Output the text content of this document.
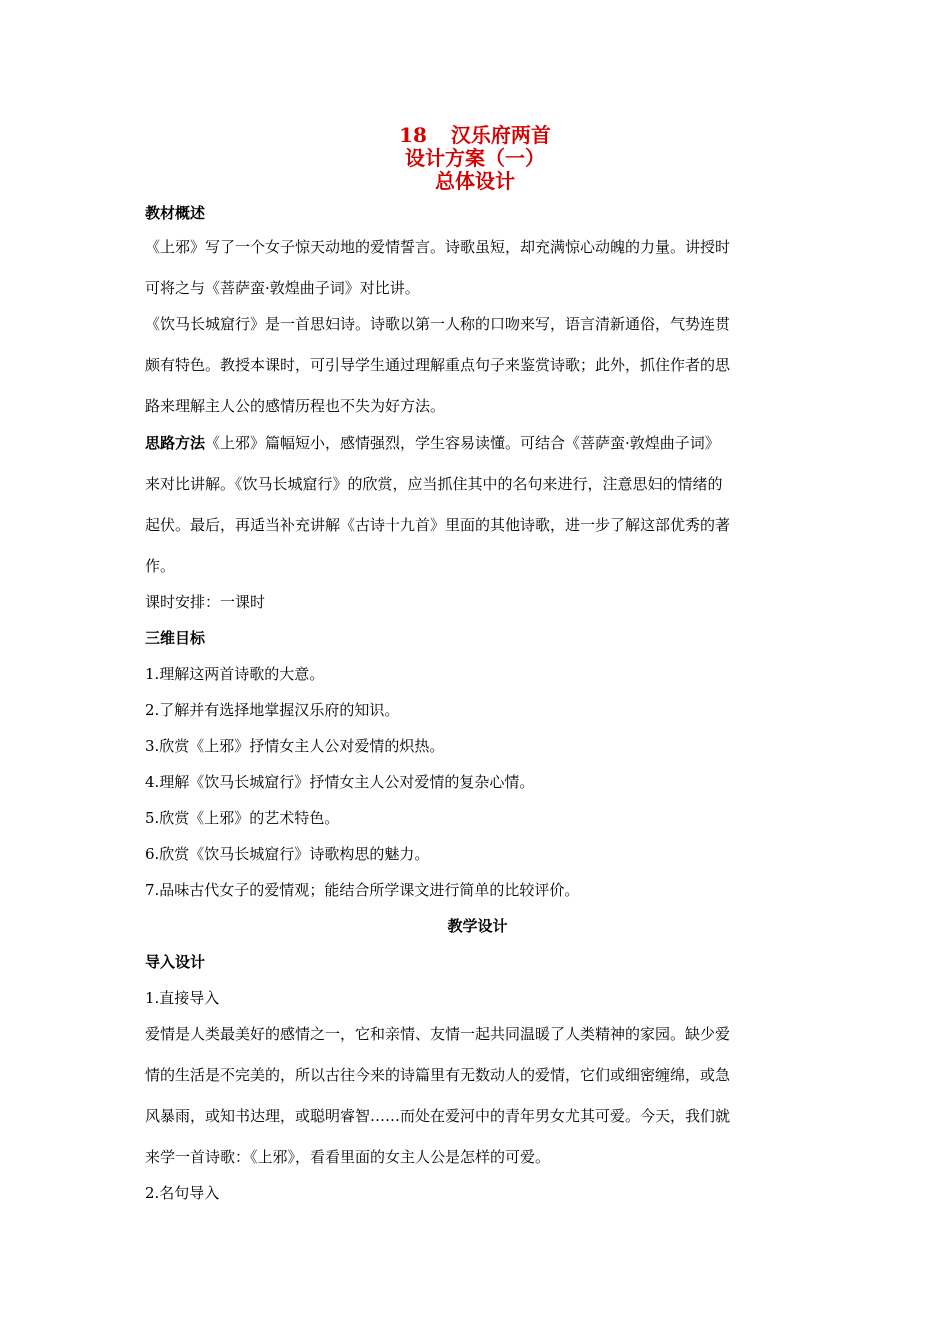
18 汉乐府两首
设计方案（一）
总体设计
教材概述
《上邪》写了一个女子惊天动地的爱情誓言。诗歌虽短，却充满惊心动魄的力量。讲授时
可将之与《菩萨蛮·敦煌曲子词》对比讲。
《饮马长城窟行》是一首思妇诗。诗歌以第一人称的口吻来写，语言清新通俗，气势连贯
颇有特色。教授本课时，可引导学生通过理解重点句子来鉴赏诗歌；此外，抓住作者的思
路来理解主人公的感情历程也不失为好方法。
思路方法《上邪》篇幅短小，感情强烈，学生容易读懂。可结合《菩萨蛮·敦煌曲子词》
来对比讲解。《饮马长城窟行》的欣赏，应当抓住其中的名句来进行，注意思妇的情绪的
起伏。最后，再适当补充讲解《古诗十九首》里面的其他诗歌，进一步了解这部优秀的著
作。
课时安排：一课时
三维目标
1.理解这两首诗歌的大意。
2.了解并有选择地掌握汉乐府的知识。
3.欣赏《上邪》抒情女主人公对爱情的炽热。
4.理解《饮马长城窟行》抒情女主人公对爱情的复杂心情。
5.欣赏《上邪》的艺术特色。
6.欣赏《饮马长城窟行》诗歌构思的魅力。
7.品味古代女子的爱情观；能结合所学课文进行简单的比较评价。
教学设计
导入设计
1.直接导入
爱情是人类最美好的感情之一，它和亲情、友情一起共同温暖了人类精神的家园。缺少爱
情的生活是不完美的，所以古往今来的诗篇里有无数动人的爱情，它们或细密缠绵，或急
风暴雨，或知书达理，或聪明睿智……而处在爱河中的青年男女尤其可爱。今天，我们就
来学一首诗歌：《上邪》，看看里面的女主人公是怎样的可爱。
2.名句导入
